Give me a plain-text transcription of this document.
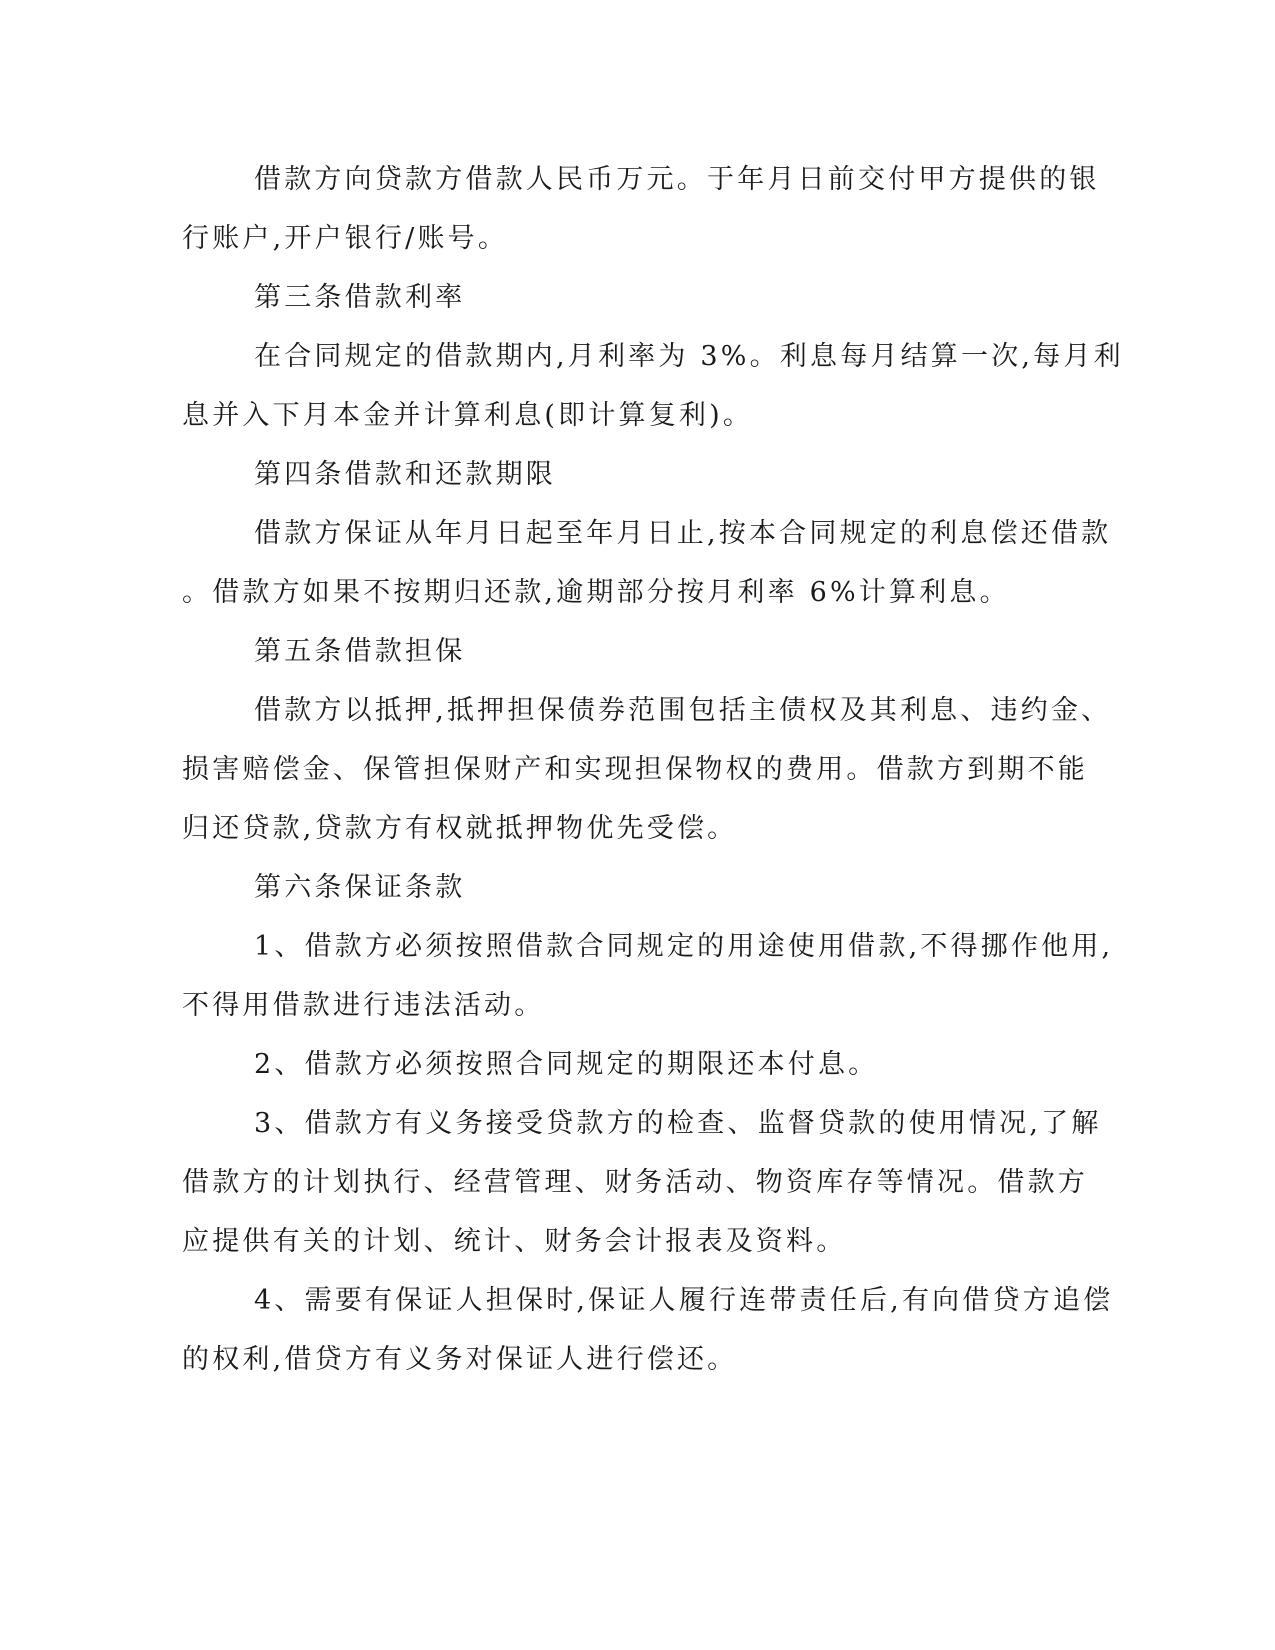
借款方向贷款方借款人民币万元。于年月日前交付甲方提供的银
行账户,开户银行/账号。
第三条借款利率
在合同规定的借款期内,月利率为 3%。利息每月结算一次,每月利
息并入下月本金并计算利息(即计算复利)。
第四条借款和还款期限
借款方保证从年月日起至年月日止,按本合同规定的利息偿还借款
。借款方如果不按期归还款,逾期部分按月利率 6%计算利息。
第五条借款担保
借款方以抵押,抵押担保债券范围包括主债权及其利息、违约金、
损害赔偿金、保管担保财产和实现担保物权的费用。借款方到期不能
归还贷款,贷款方有权就抵押物优先受偿。
第六条保证条款
1、借款方必须按照借款合同规定的用途使用借款,不得挪作他用,
不得用借款进行违法活动。
2、借款方必须按照合同规定的期限还本付息。
3、借款方有义务接受贷款方的检查、监督贷款的使用情况,了解
借款方的计划执行、经营管理、财务活动、物资库存等情况。借款方
应提供有关的计划、统计、财务会计报表及资料。
4、需要有保证人担保时,保证人履行连带责任后,有向借贷方追偿
的权利,借贷方有义务对保证人进行偿还。
